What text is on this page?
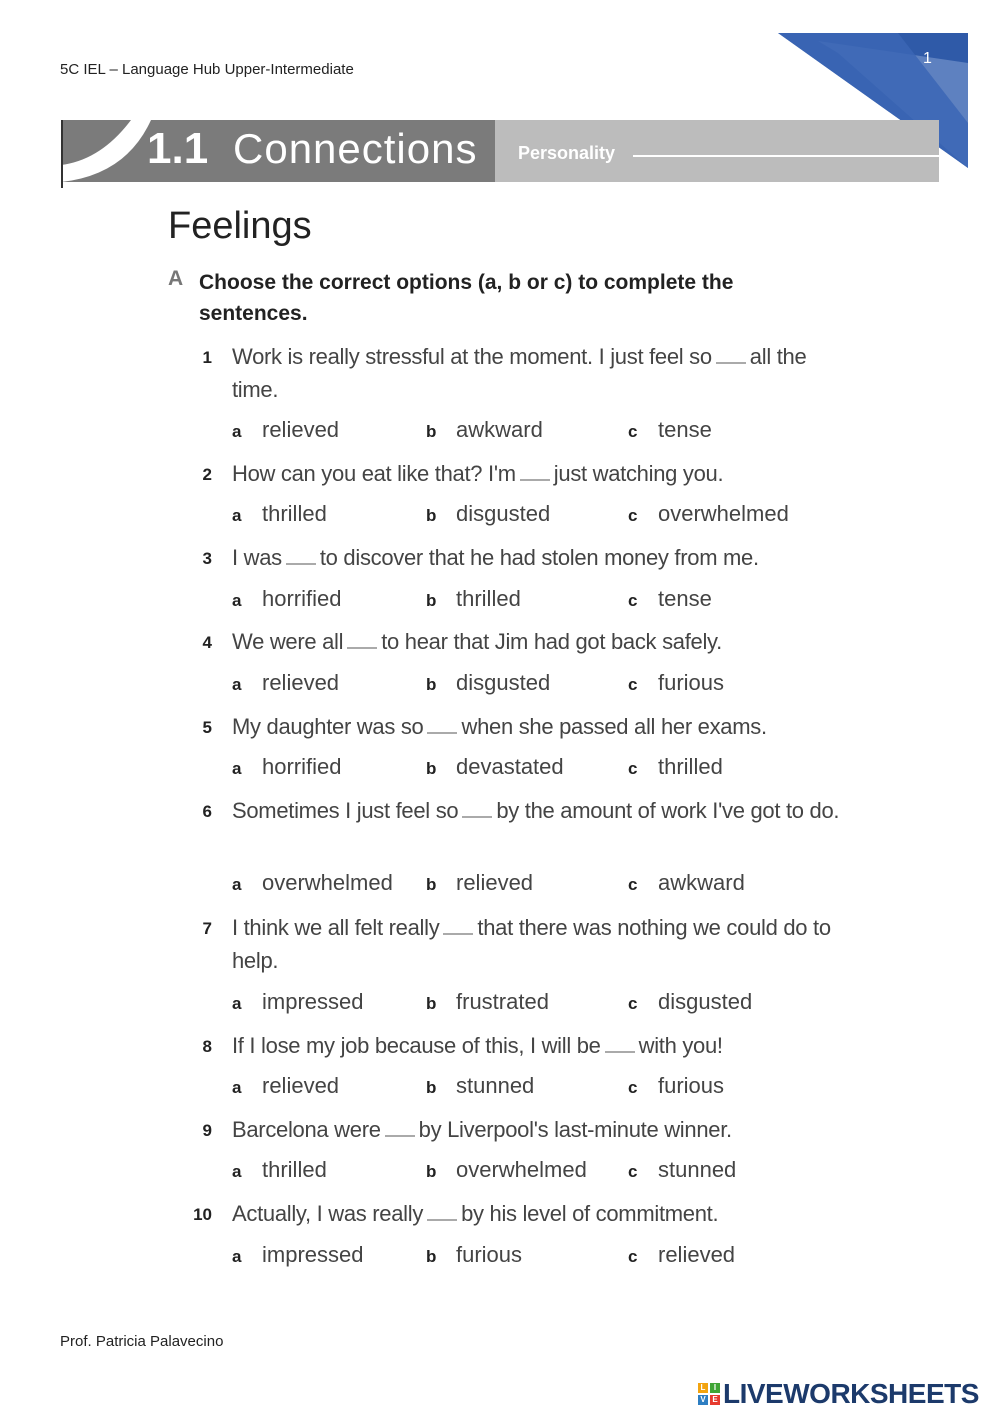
5C IEL – Language Hub Upper-Intermediate
1
1.1 Connections Personality
Feelings
A Choose the correct options (a, b or c) to complete the sentences.
1 Work is really stressful at the moment. I just feel so all the time.
a relieved	b awkward	c tense
2 How can you eat like that? I'm just watching you.
a thrilled	b disgusted	c overwhelmed
3 I was to discover that he had stolen money from me.
a horrified	b thrilled	c tense
4 We were all to hear that Jim had got back safely.
a relieved	b disgusted	c furious
5 My daughter was so when she passed all her exams.
a horrified	b devastated	c thrilled
6 Sometimes I just feel so by the amount of work I've got to do.
a overwhelmed b relieved	c awkward
7 I think we all felt really that there was nothing we could do to help.
a impressed	b frustrated	c disgusted
8 If I lose my job because of this, I will be with you!
a relieved	b stunned	c furious
9 Barcelona were by Liverpool's last-minute winner.
a thrilled	b overwhelmed c stunned
10 Actually, I was really by his level of commitment.
a impressed	b furious	c relieved
Prof. Patricia Palavecino
L	I
V E LIVEWORKSHEETS
